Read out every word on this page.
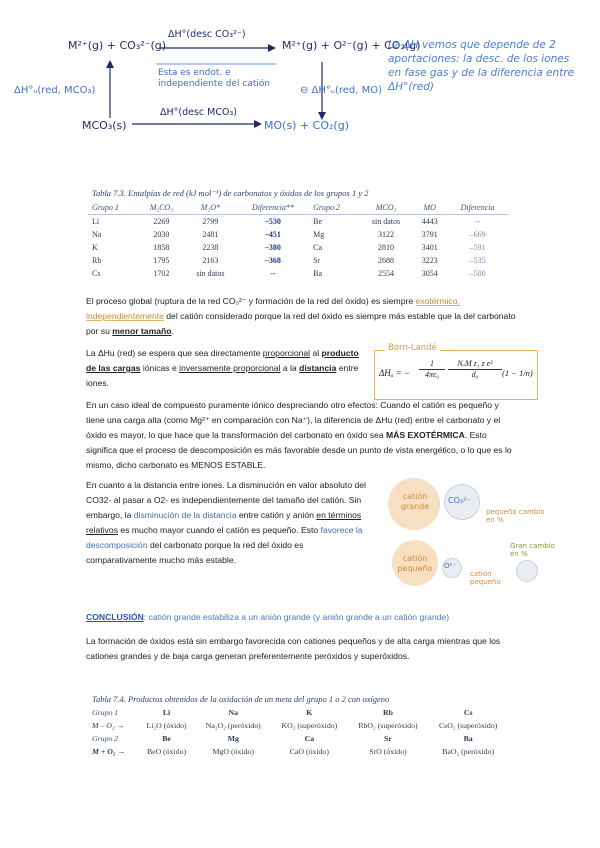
M²⁺(g) + CO₃²⁻(g)
ΔH°(desc CO₃²⁻)
M²⁺(g) + O²⁻(g) + CO₂(g)
Esta es endot. e independiente del catión
ΔH°ᵤ(red, MCO₃)	⊖ ΔH°ᵤ(red, MO)
MCO₃(s)
ΔH°(desc MCO₃)
MO(s) + CO₂(g)
La ΔH vemos que depende de 2 aportaciones: la desc. de los iones en fase gas y de la diferencia entre ΔH°(red)
Tabla 7.3. Entalpías de red (kJ mol⁻¹) de carbonatos y óxidos de los grupos 1 y 2
Grupo 1	M₂CO₃	M₂O*	Diferencia**	Grupo 2	MCO₃	MO	Diferencia
Li	2269	2799	–530	Be	sin datos	4443	--
Na	2030	2481	–451	Mg	3122	3791	–669
K	1858	2238	–380	Ca	2810	3401	–591
Rb	1795	2163	–368	Sr	2688	3223	–535
Cs	1702	sin datos	--	Ba	2554	3054	–500
El proceso global (ruptura de la red CO₃²⁻ y formación de la red del óxido) es siempre exotérmico, independientemente del catión considerado porque la red del óxido es siempre más estable que la del carbonato por su menor tamaño.
La ΔHu (red) se espera que sea directamente proporcional al producto de las cargas iónicas e inversamente proporcional a la distancia entre iones.
Born-Landé
ΔHᵤ = − $\frac{1}{\text{4πε₀}}$	NₐM z₁ z e²
d₀	(1 − 1/n)
En un caso ideal de compuesto puramente iónico despreciando otro efectos: Cuando el catión es pequeño y tiene una carga alta (como Mg²⁺ en comparación con Na⁺), la diferencia de ΔHu (red) entre el carbonato y el óxido es mayor, lo que hace que la transformación del carbonato en óxido sea MÁS EXOTÉRMICA. Esto significa que el proceso de descomposición es más favorable desde un punto de vista energético, o lo que es lo mismo, dicho carbonato es MENOS ESTABLE.
En cuanto a la distancia entre iones. La disminución en valor absoluto del CO32- al pasar a O2- es independientemente del tamaño del catión. Sin embargo, la disminución de la distancia entre catión y anión en términos relativos es mucho mayor cuando el catión es pequeño. Esto favorece la descomposición del carbonato porque la red del óxido es comparativamente mucho más estable.
catión grande
CO₃²⁻
pequeño cambio en %
catión pequeño	O²⁻
catión pequeño
Gran cambio en %
CONCLUSIÓN: catión grande estabiliza a un anión grande (y anión grande a un catión grande)
La formación de óxidos está sin embargo favorecida con cationes pequeños y de alta carga mientras que los cationes grandes y de baja carga generan preferentemente peróxidos y superóxidos.
Tabla 7.4. Productos obtenidos de la oxidación de un meta del grupo 1 o 2 con oxígeno
Grupo 1	Li	Na	K	Rb	Cs
M – O₂ →	Li₂O (óxido)	Na₂O₂ (peróxido)	KO₂ (superóxido)	RbO₂ (superóxido)	CsO₂ (superóxido)
Grupo 2	Be	Mg	Ca	Sr	Ba
M + O₂ →	BeO (óxido)	MgO (óxido)	CaO (óxido)	SrO (óxido)	BaO₂ (peróxido)
